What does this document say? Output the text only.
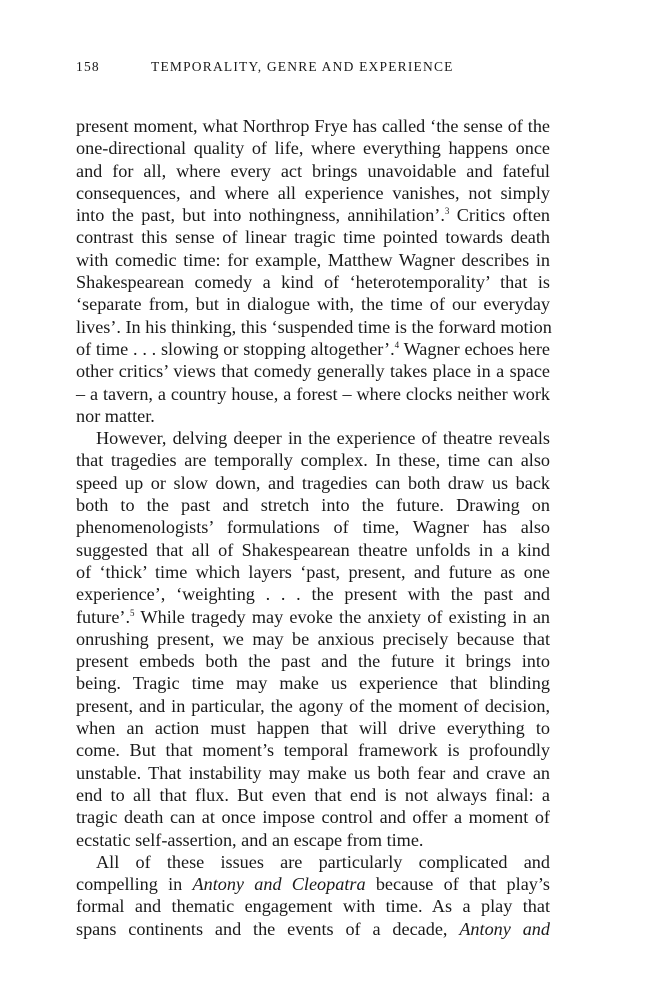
158	TEMPORALITY, GENRE AND EXPERIENCE
present moment, what Northrop Frye has called ‘the sense of the
one-directional quality of life, where everything happens once
and for all, where every act brings unavoidable and fateful
consequences, and where all experience vanishes, not simply
into the past, but into nothingness, annihilation’.$^3$ Critics often
contrast this sense of linear tragic time pointed towards death
with comedic time: for example, Matthew Wagner describes in
Shakespearean comedy a kind of ‘heterotemporality’ that is
‘separate from, but in dialogue with, the time of our everyday
lives’. In his thinking, this ‘suspended time is the forward motion
of time . . . slowing or stopping altogether’.$^4$ Wagner echoes here
other critics’ views that comedy generally takes place in a space
– a tavern, a country house, a forest – where clocks neither work
nor matter.
However, delving deeper in the experience of theatre reveals
that tragedies are temporally complex. In these, time can also
speed up or slow down, and tragedies can both draw us back
both to the past and stretch into the future. Drawing on
phenomenologists’ formulations of time, Wagner has also
suggested that all of Shakespearean theatre unfolds in a kind
of ‘thick’ time which layers ‘past, present, and future as one
experience’, ‘weighting . . . the present with the past and
future’.$^5$ While tragedy may evoke the anxiety of existing in an
onrushing present, we may be anxious precisely because that
present embeds both the past and the future it brings into
being. Tragic time may make us experience that blinding
present, and in particular, the agony of the moment of decision,
when an action must happen that will drive everything to
come. But that moment’s temporal framework is profoundly
unstable. That instability may make us both fear and crave an
end to all that flux. But even that end is not always final: a
tragic death can at once impose control and offer a moment of
ecstatic self-assertion, and an escape from time.
All of these issues are particularly complicated and
compelling in Antony and Cleopatra because of that play’s
formal and thematic engagement with time. As a play that
spans continents and the events of a decade, Antony and
